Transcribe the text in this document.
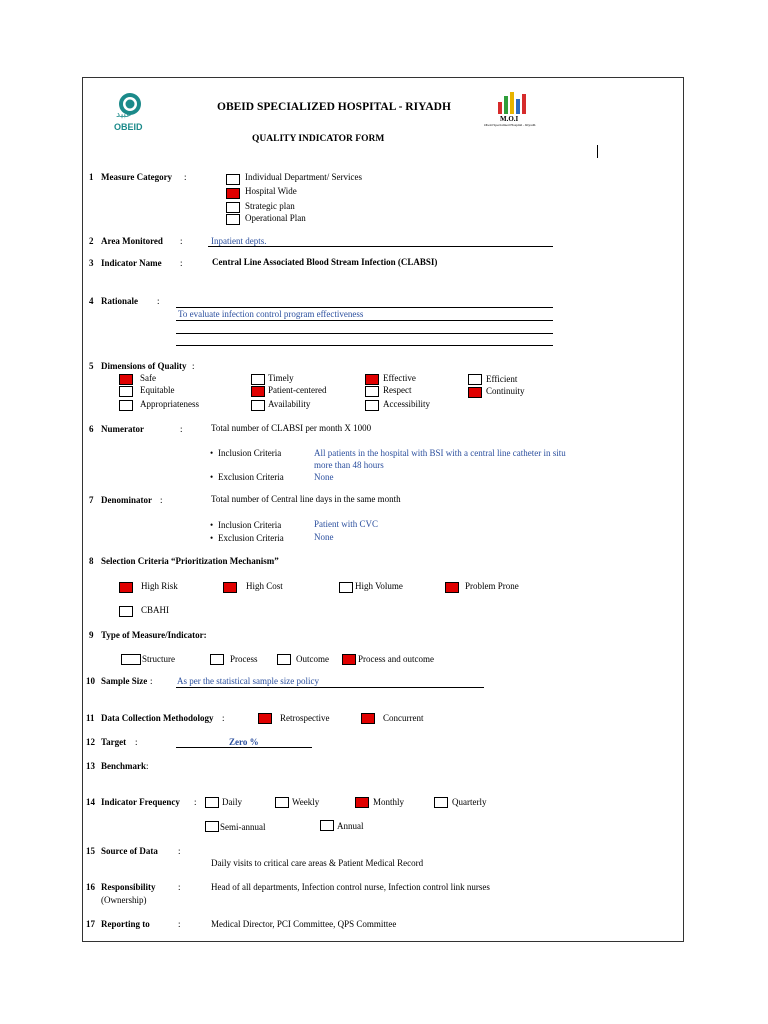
عبيد
OBEID
OBEID SPECIALIZED HOSPITAL - RIYADH
QUALITY INDICATOR FORM
M.O.I
Obeid Specialized Hospital - Riyadh
1 Measure Category :	Individual Department/ Services
Hospital Wide
Strategic plan
Operational Plan
2 Area Monitored :	Inpatient depts.
3 Indicator Name :	Central Line Associated Blood Stream Infection (CLABSI)
4 Rationale :
To evaluate infection control program effectiveness
5 Dimensions of Quality :
Safe	Timely	Effective	Efficient
Equitable	Patient-centered	Respect	Continuity
Appropriateness	Availability	Accessibility
6 Numerator	:	Total number of CLABSI per month X 1000
• Inclusion Criteria	All patients in the hospital with BSI with a central line catheter in situ
more than 48 hours
• Exclusion Criteria	None
7 Denominator :	Total number of Central line days in the same month
• Inclusion Criteria	Patient with CVC
• Exclusion Criteria	None
8 Selection Criteria “Prioritization Mechanism”
High Risk	High Cost	High Volume	Problem Prone
CBAHI
9 Type of Measure/Indicator:
Structure	Process	Outcome	Process and outcome
10 Sample Size :	As per the statistical sample size policy
11 Data Collection Methodology :	Retrospective	Concurrent
12 Target :	Zero %
13 Benchmark :
14 Indicator Frequency :	Daily	Weekly	Monthly	Quarterly
Semi-annual	Annual
15 Source of Data :
Daily visits to critical care areas & Patient Medical Record
16 Responsibility
(Ownership)
:	Head of all departments, Infection control nurse, Infection control link nurses
17 Reporting to	:	Medical Director, PCI Committee, QPS Committee
